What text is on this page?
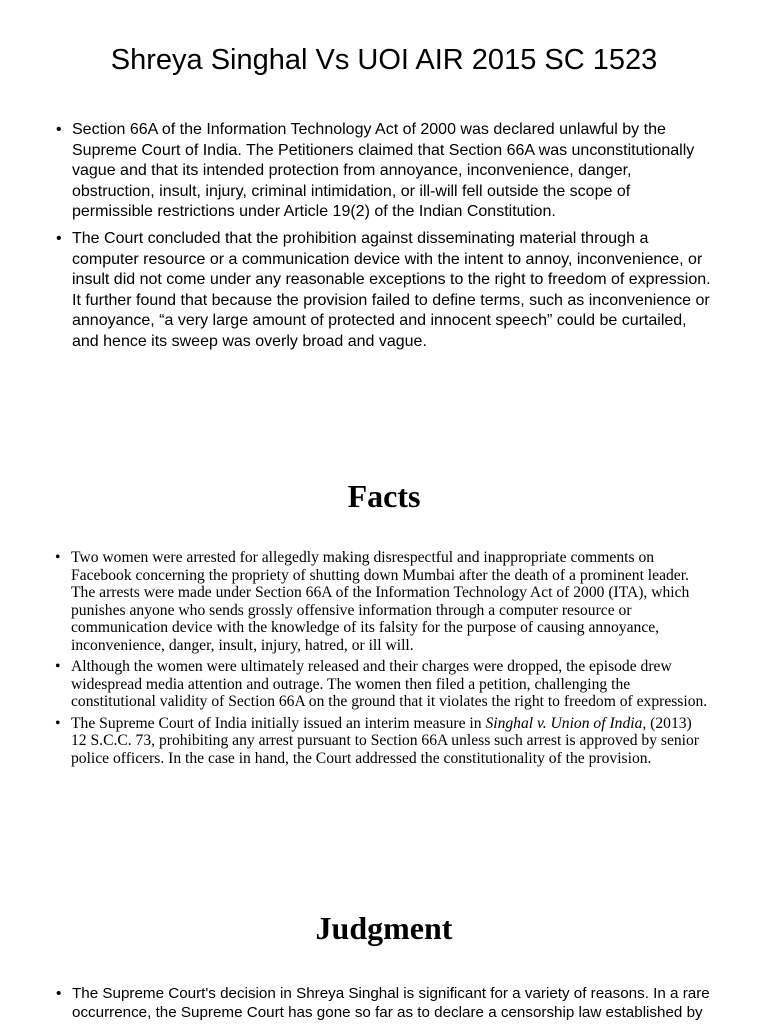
Shreya Singhal Vs UOI AIR 2015 SC 1523
• Section 66A of the Information Technology Act of 2000 was declared unlawful by the Supreme Court of India. The Petitioners claimed that Section 66A was unconstitutionally vague and that its intended protection from annoyance, inconvenience, danger, obstruction, insult, injury, criminal intimidation, or ill-will fell outside the scope of permissible restrictions under Article 19(2) of the Indian Constitution.
• The Court concluded that the prohibition against disseminating material through a computer resource or a communication device with the intent to annoy, inconvenience, or insult did not come under any reasonable exceptions to the right to freedom of expression. It further found that because the provision failed to define terms, such as inconvenience or annoyance, “a very large amount of protected and innocent speech” could be curtailed, and hence its sweep was overly broad and vague.
Facts
• Two women were arrested for allegedly making disrespectful and inappropriate comments on Facebook concerning the propriety of shutting down Mumbai after the death of a prominent leader. The arrests were made under Section 66A of the Information Technology Act of 2000 (ITA), which punishes anyone who sends grossly offensive information through a computer resource or communication device with the knowledge of its falsity for the purpose of causing annoyance, inconvenience, danger, insult, injury, hatred, or ill will.
• Although the women were ultimately released and their charges were dropped, the episode drew widespread media attention and outrage. The women then filed a petition, challenging the constitutional validity of Section 66A on the ground that it violates the right to freedom of expression.
• The Supreme Court of India initially issued an interim measure in Singhal v. Union of India, (2013) 12 S.C.C. 73, prohibiting any arrest pursuant to Section 66A unless such arrest is approved by senior police officers. In the case in hand, the Court addressed the constitutionality of the provision.
Judgment
• The Supreme Court's decision in Shreya Singhal is significant for a variety of reasons. In a rare occurrence, the Supreme Court has gone so far as to declare a censorship law established by
